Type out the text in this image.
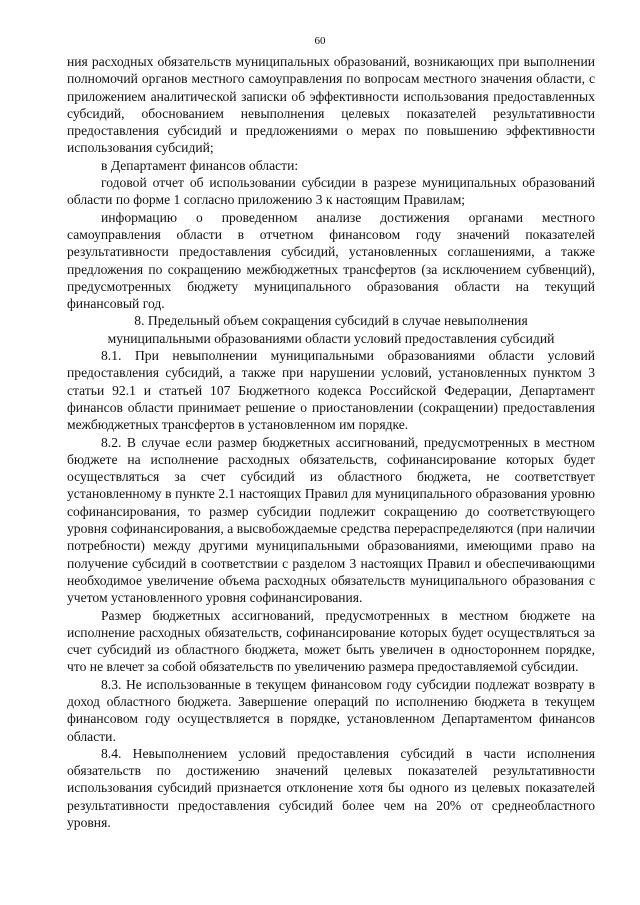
60

ния расходных обязательств муниципальных образований, возникающих при выполнении полномочий органов местного самоуправления по вопросам местного значения области, с приложением аналитической записки об эффективности использования предоставленных субсидий, обоснованием невыполнения целевых показателей результативности предоставления субсидий и предложениями о мерах по повышению эффективности использования субсидий;

в Департамент финансов области:

годовой отчет об использовании субсидии в разрезе муниципальных образований области по форме 1 согласно приложению 3 к настоящим Правилам;

информацию о проведенном анализе достижения органами местного самоуправления области в отчетном финансовом году значений показателей результативности предоставления субсидий, установленных соглашениями, а также предложения по сокращению межбюджетных трансфертов (за исключением субвенций), предусмотренных бюджету муниципального образования области на текущий финансовый год.

8. Предельный объем сокращения субсидий в случае невыполнения
муниципальными образованиями области условий предоставления субсидий

8.1. При невыполнении муниципальными образованиями области условий предоставления субсидий, а также при нарушении условий, установленных пунктом 3 статьи 92.1 и статьей 107 Бюджетного кодекса Российской Федерации, Департамент финансов области принимает решение о приостановлении (сокращении) предоставления межбюджетных трансфертов в установленном им порядке.

8.2. В случае если размер бюджетных ассигнований, предусмотренных в местном бюджете на исполнение расходных обязательств, софинансирование которых будет осуществляться за счет субсидий из областного бюджета, не соответствует установленному в пункте 2.1 настоящих Правил для муниципального образования уровню софинансирования, то размер субсидии подлежит сокращению до соответствующего уровня софинансирования, а высвобождаемые средства перераспределяются (при наличии потребности) между другими муниципальными образованиями, имеющими право на получение субсидий в соответствии с разделом 3 настоящих Правил и обеспечивающими необходимое увеличение объема расходных обязательств муниципального образования с учетом установленного уровня софинансирования.

Размер бюджетных ассигнований, предусмотренных в местном бюджете на исполнение расходных обязательств, софинансирование которых будет осуществляться за счет субсидий из областного бюджета, может быть увеличен в одностороннем порядке, что не влечет за собой обязательств по увеличению размера предоставляемой субсидии.

8.3. Не использованные в текущем финансовом году субсидии подлежат возврату в доход областного бюджета. Завершение операций по исполнению бюджета в текущем финансовом году осуществляется в порядке, установленном Департаментом финансов области.

8.4. Невыполнением условий предоставления субсидий в части исполнения обязательств по достижению значений целевых показателей результативности использования субсидий признается отклонение хотя бы одного из целевых показателей результативности предоставления субсидий более чем на 20% от среднеобластного уровня.
